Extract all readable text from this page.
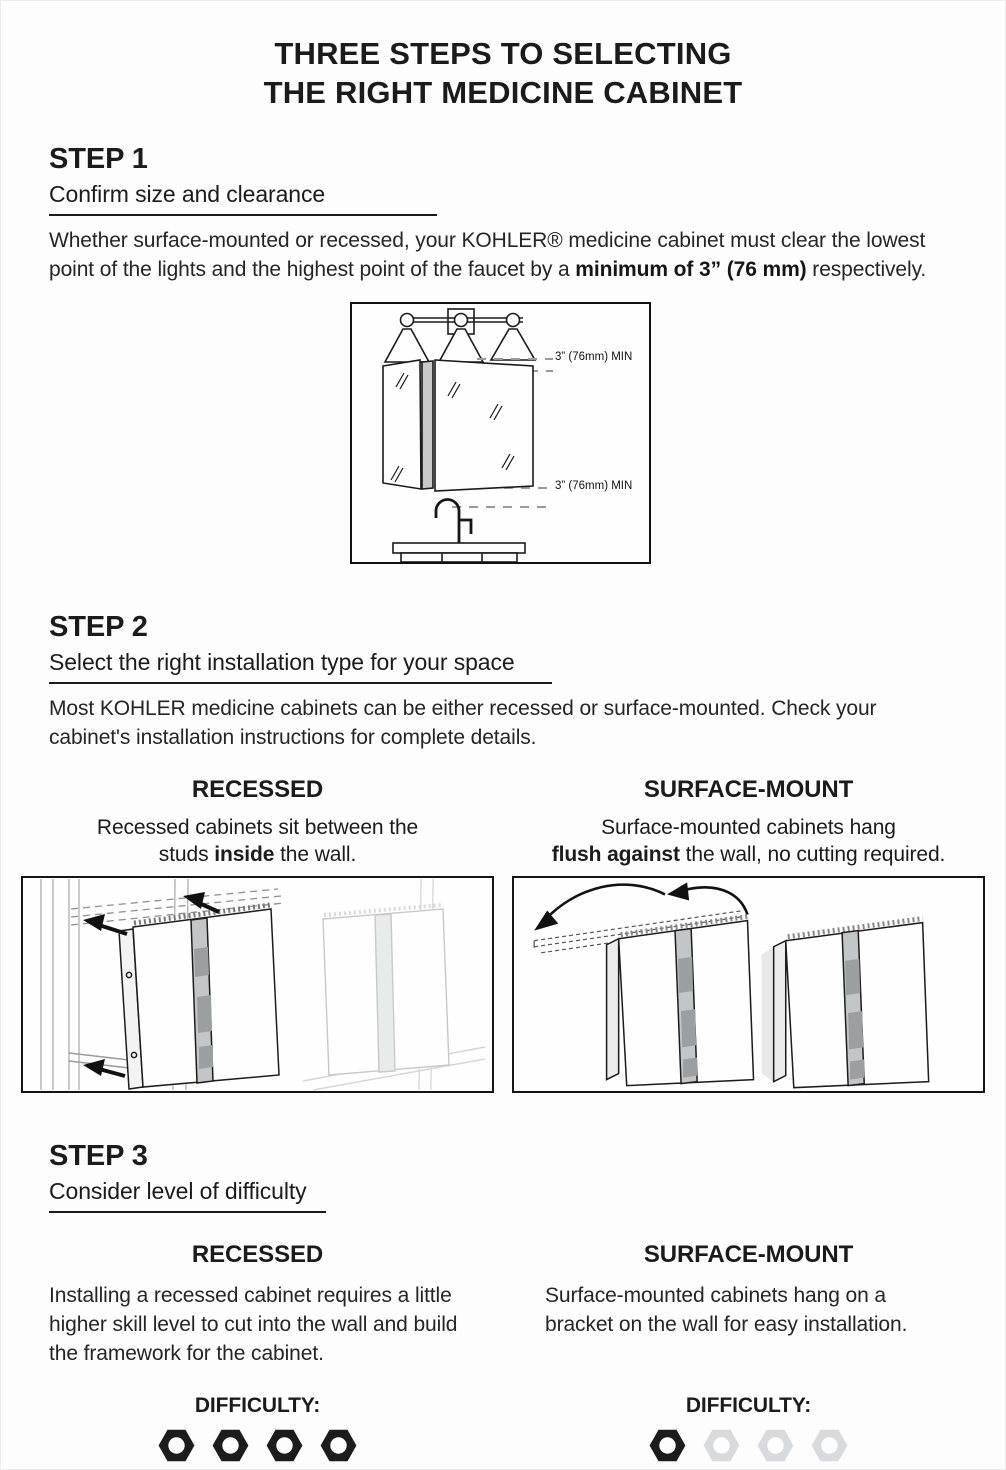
THREE STEPS TO SELECTING
THE RIGHT MEDICINE CABINET
STEP 1
Confirm size and clearance

Whether surface-mounted or recessed, your KOHLER® medicine cabinet must clear the lowest point of the lights and the highest point of the faucet by a minimum of 3” (76 mm) respectively.

3” (76mm) MIN
3” (76mm) MIN
STEP 2
Select the right installation type for your space

Most KOHLER medicine cabinets can be either recessed or surface-mounted. Check your cabinet's installation instructions for complete details.

RECESSED

Recessed cabinets sit between the
studs inside the wall.

SURFACE-MOUNT

Surface-mounted cabinets hang
flush against the wall, no cutting required.

STEP 3
Consider level of difficulty
RECESSED

Installing a recessed cabinet requires a little higher skill level to cut into the wall and build the framework for the cabinet.

DIFFICULTY:
SURFACE-MOUNT

Surface-mounted cabinets hang on a bracket on the wall for easy installation.

DIFFICULTY:
